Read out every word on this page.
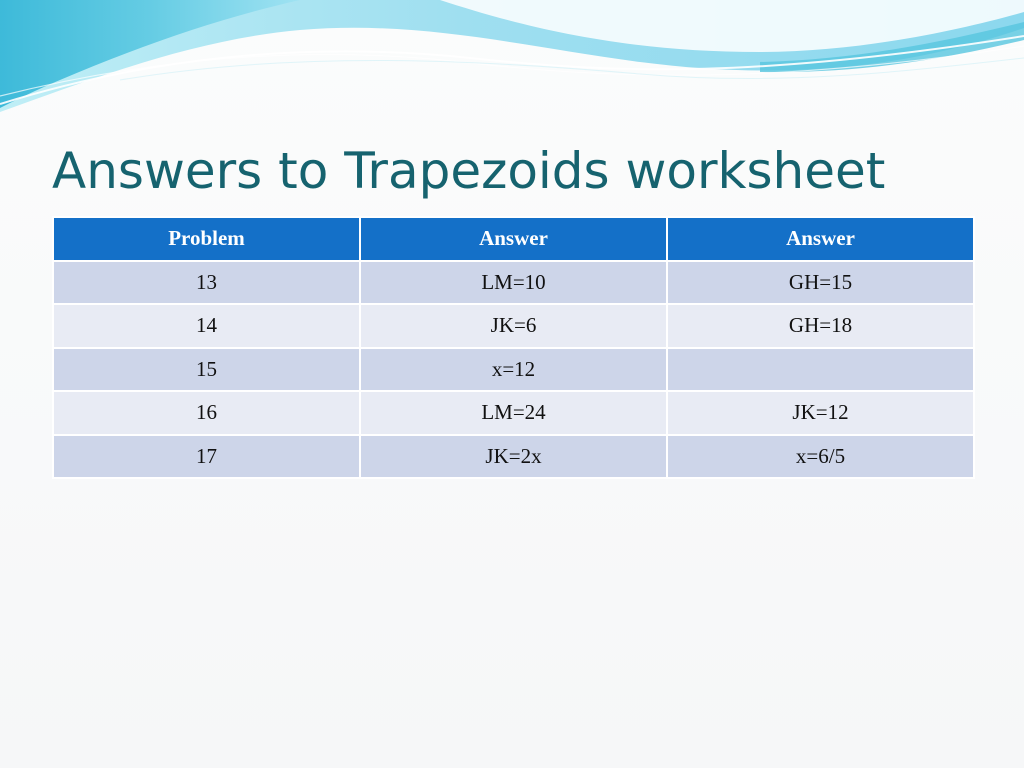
Answers to Trapezoids worksheet
Problem	Answer	Answer
13	LM=10	GH=15
14	JK=6	GH=18
15	x=12	
16	LM=24	JK=12
17	JK=2x	x=6/5
